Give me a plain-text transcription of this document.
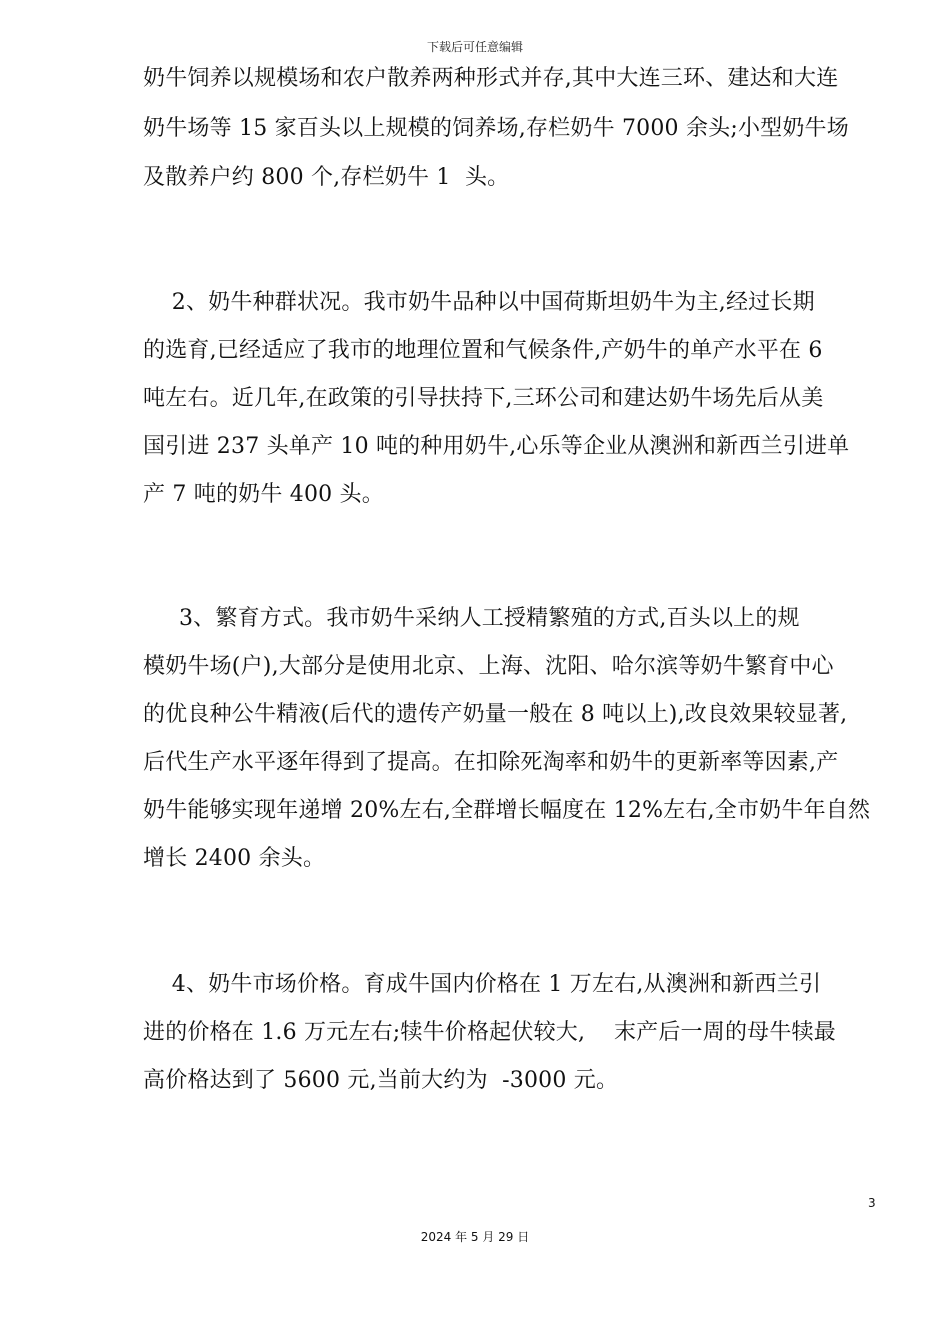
下载后可任意编辑
奶牛饲养以规模场和农户散养两种形式并存,其中大连三环、建达和大连
奶牛场等 15 家百头以上规模的饲养场,存栏奶牛 7000 余头;小型奶牛场
及散养户约 800 个,存栏奶牛 1  头。
2、奶牛种群状况。我市奶牛品种以中国荷斯坦奶牛为主,经过长期
的选育,已经适应了我市的地理位置和气候条件,产奶牛的单产水平在 6
吨左右。近几年,在政策的引导扶持下,三环公司和建达奶牛场先后从美
国引进 237 头单产 10 吨的种用奶牛,心乐等企业从澳洲和新西兰引进单
产 7 吨的奶牛 400 头。
3、繁育方式。我市奶牛采纳人工授精繁殖的方式,百头以上的规
模奶牛场(户),大部分是使用北京、上海、沈阳、哈尔滨等奶牛繁育中心
的优良种公牛精液(后代的遗传产奶量一般在 8 吨以上),改良效果较显著,
后代生产水平逐年得到了提高。在扣除死淘率和奶牛的更新率等因素,产
奶牛能够实现年递增 20%左右,全群增长幅度在 12%左右,全市奶牛年自然
增长 2400 余头。
4、奶牛市场价格。育成牛国内价格在 1 万左右,从澳洲和新西兰引
进的价格在 1.6 万元左右;犊牛价格起伏较大,    末产后一周的母牛犊最
高价格达到了 5600 元,当前大约为  -3000 元。
3
2024 年 5 月 29 日
